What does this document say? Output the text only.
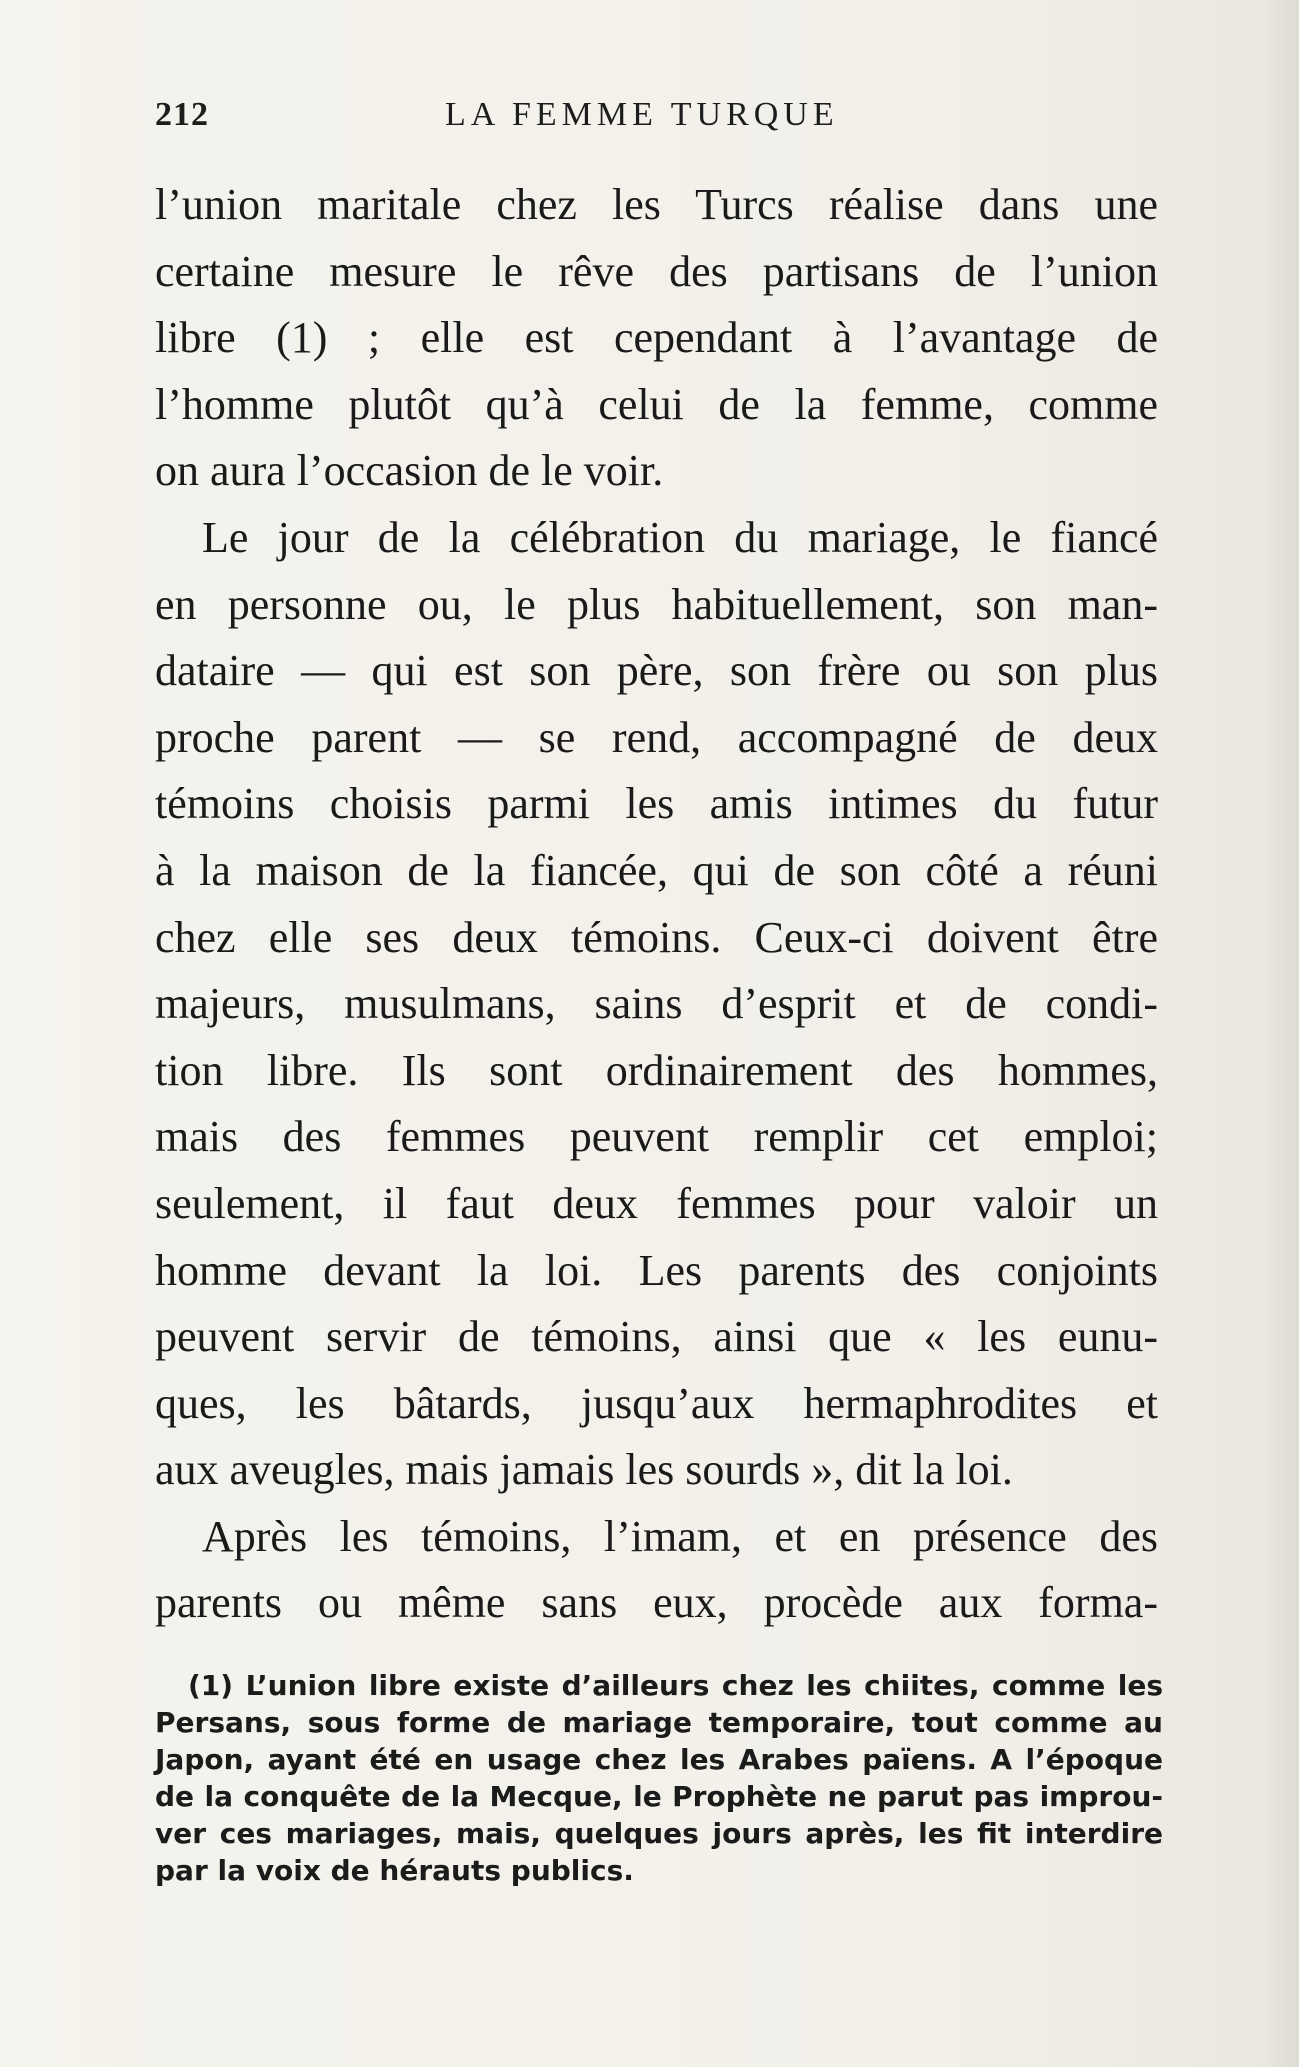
212	LA FEMME TURQUE
l’union maritale chez les Turcs réalise dans une
certaine mesure le rêve des partisans de l’union
libre (1) ; elle est cependant à l’avantage de
l’homme plutôt qu’à celui de la femme, comme
on aura l’occasion de le voir.
Le jour de la célébration du mariage, le fiancé
en personne ou, le plus habituellement, son man-
dataire — qui est son père, son frère ou son plus
proche parent — se rend, accompagné de deux
témoins choisis parmi les amis intimes du futur
à la maison de la fiancée, qui de son côté a réuni
chez elle ses deux témoins. Ceux-ci doivent être
majeurs, musulmans, sains d’esprit et de condi-
tion libre. Ils sont ordinairement des hommes,
mais des femmes peuvent remplir cet emploi;
seulement, il faut deux femmes pour valoir un
homme devant la loi. Les parents des conjoints
peuvent servir de témoins, ainsi que « les eunu-
ques, les bâtards, jusqu’aux hermaphrodites et
aux aveugles, mais jamais les sourds », dit la loi.
Après les témoins, l’imam, et en présence des
parents ou même sans eux, procède aux forma-
(1) L’union libre existe d’ailleurs chez les chiites, comme les
Persans, sous forme de mariage temporaire, tout comme au
Japon, ayant été en usage chez les Arabes païens. A l’époque
de la conquête de la Mecque, le Prophète ne parut pas improu-
ver ces mariages, mais, quelques jours après, les fit interdire
par la voix de hérauts publics.
